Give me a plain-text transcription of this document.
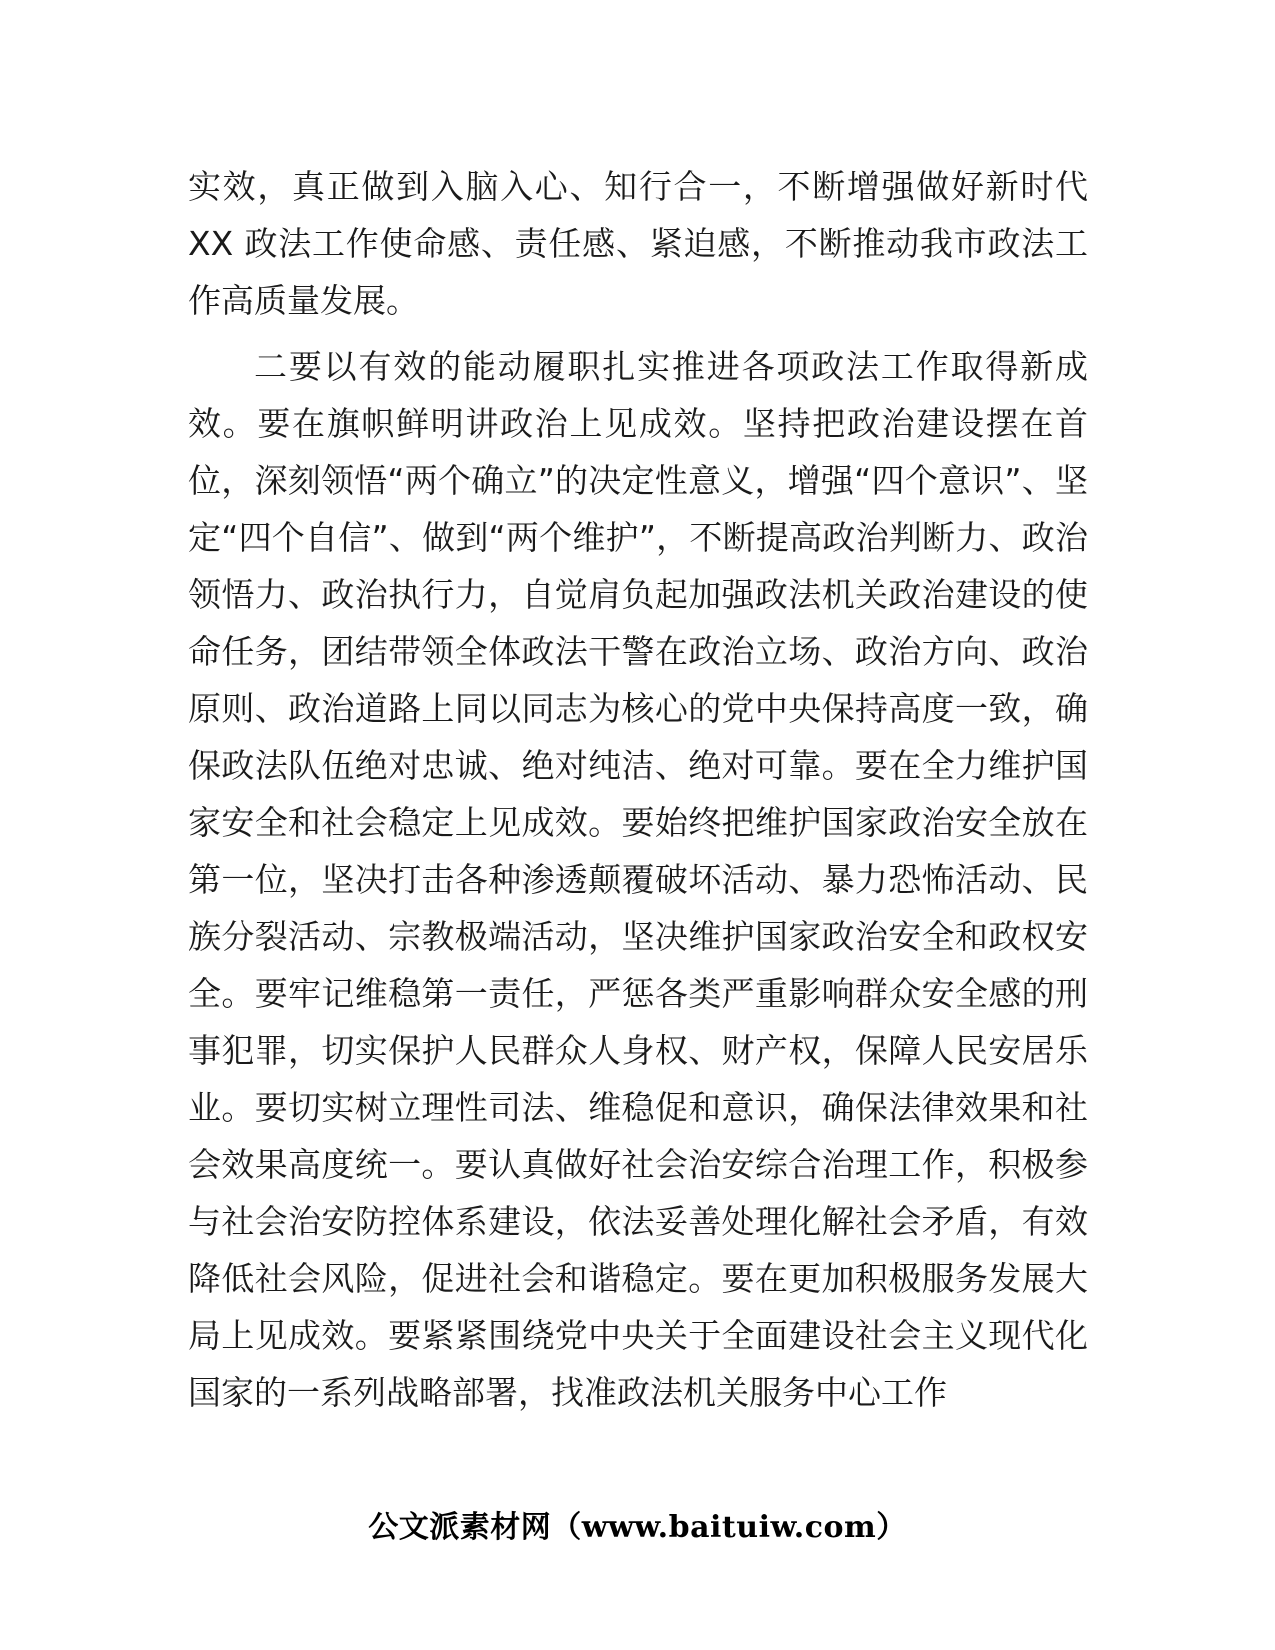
实效，真正做到入脑入心、知行合一，不断增强做好新时代XX 政法工作使命感、责任感、紧迫感，不断推动我市政法工作高质量发展。

二要以有效的能动履职扎实推进各项政法工作取得新成效。要在旗帜鲜明讲政治上见成效。坚持把政治建设摆在首位，深刻领悟“两个确立”的决定性意义，增强“四个意识”、坚定“四个自信”、做到“两个维护”，不断提高政治判断力、政治领悟力、政治执行力，自觉肩负起加强政法机关政治建设的使命任务，团结带领全体政法干警在政治立场、政治方向、政治原则、政治道路上同以同志为核心的党中央保持高度一致，确保政法队伍绝对忠诚、绝对纯洁、绝对可靠。要在全力维护国家安全和社会稳定上见成效。要始终把维护国家政治安全放在第一位，坚决打击各种渗透颠覆破坏活动、暴力恐怖活动、民族分裂活动、宗教极端活动，坚决维护国家政治安全和政权安全。要牢记维稳第一责任，严惩各类严重影响群众安全感的刑事犯罪，切实保护人民群众人身权、财产权，保障人民安居乐业。要切实树立理性司法、维稳促和意识，确保法律效果和社会效果高度统一。要认真做好社会治安综合治理工作，积极参与社会治安防控体系建设，依法妥善处理化解社会矛盾，有效降低社会风险，促进社会和谐稳定。要在更加积极服务发展大局上见成效。要紧紧围绕党中央关于全面建设社会主义现代化国家的一系列战略部署，找准政法机关服务中心工作

公文派素材网（www.baituiw.com）
